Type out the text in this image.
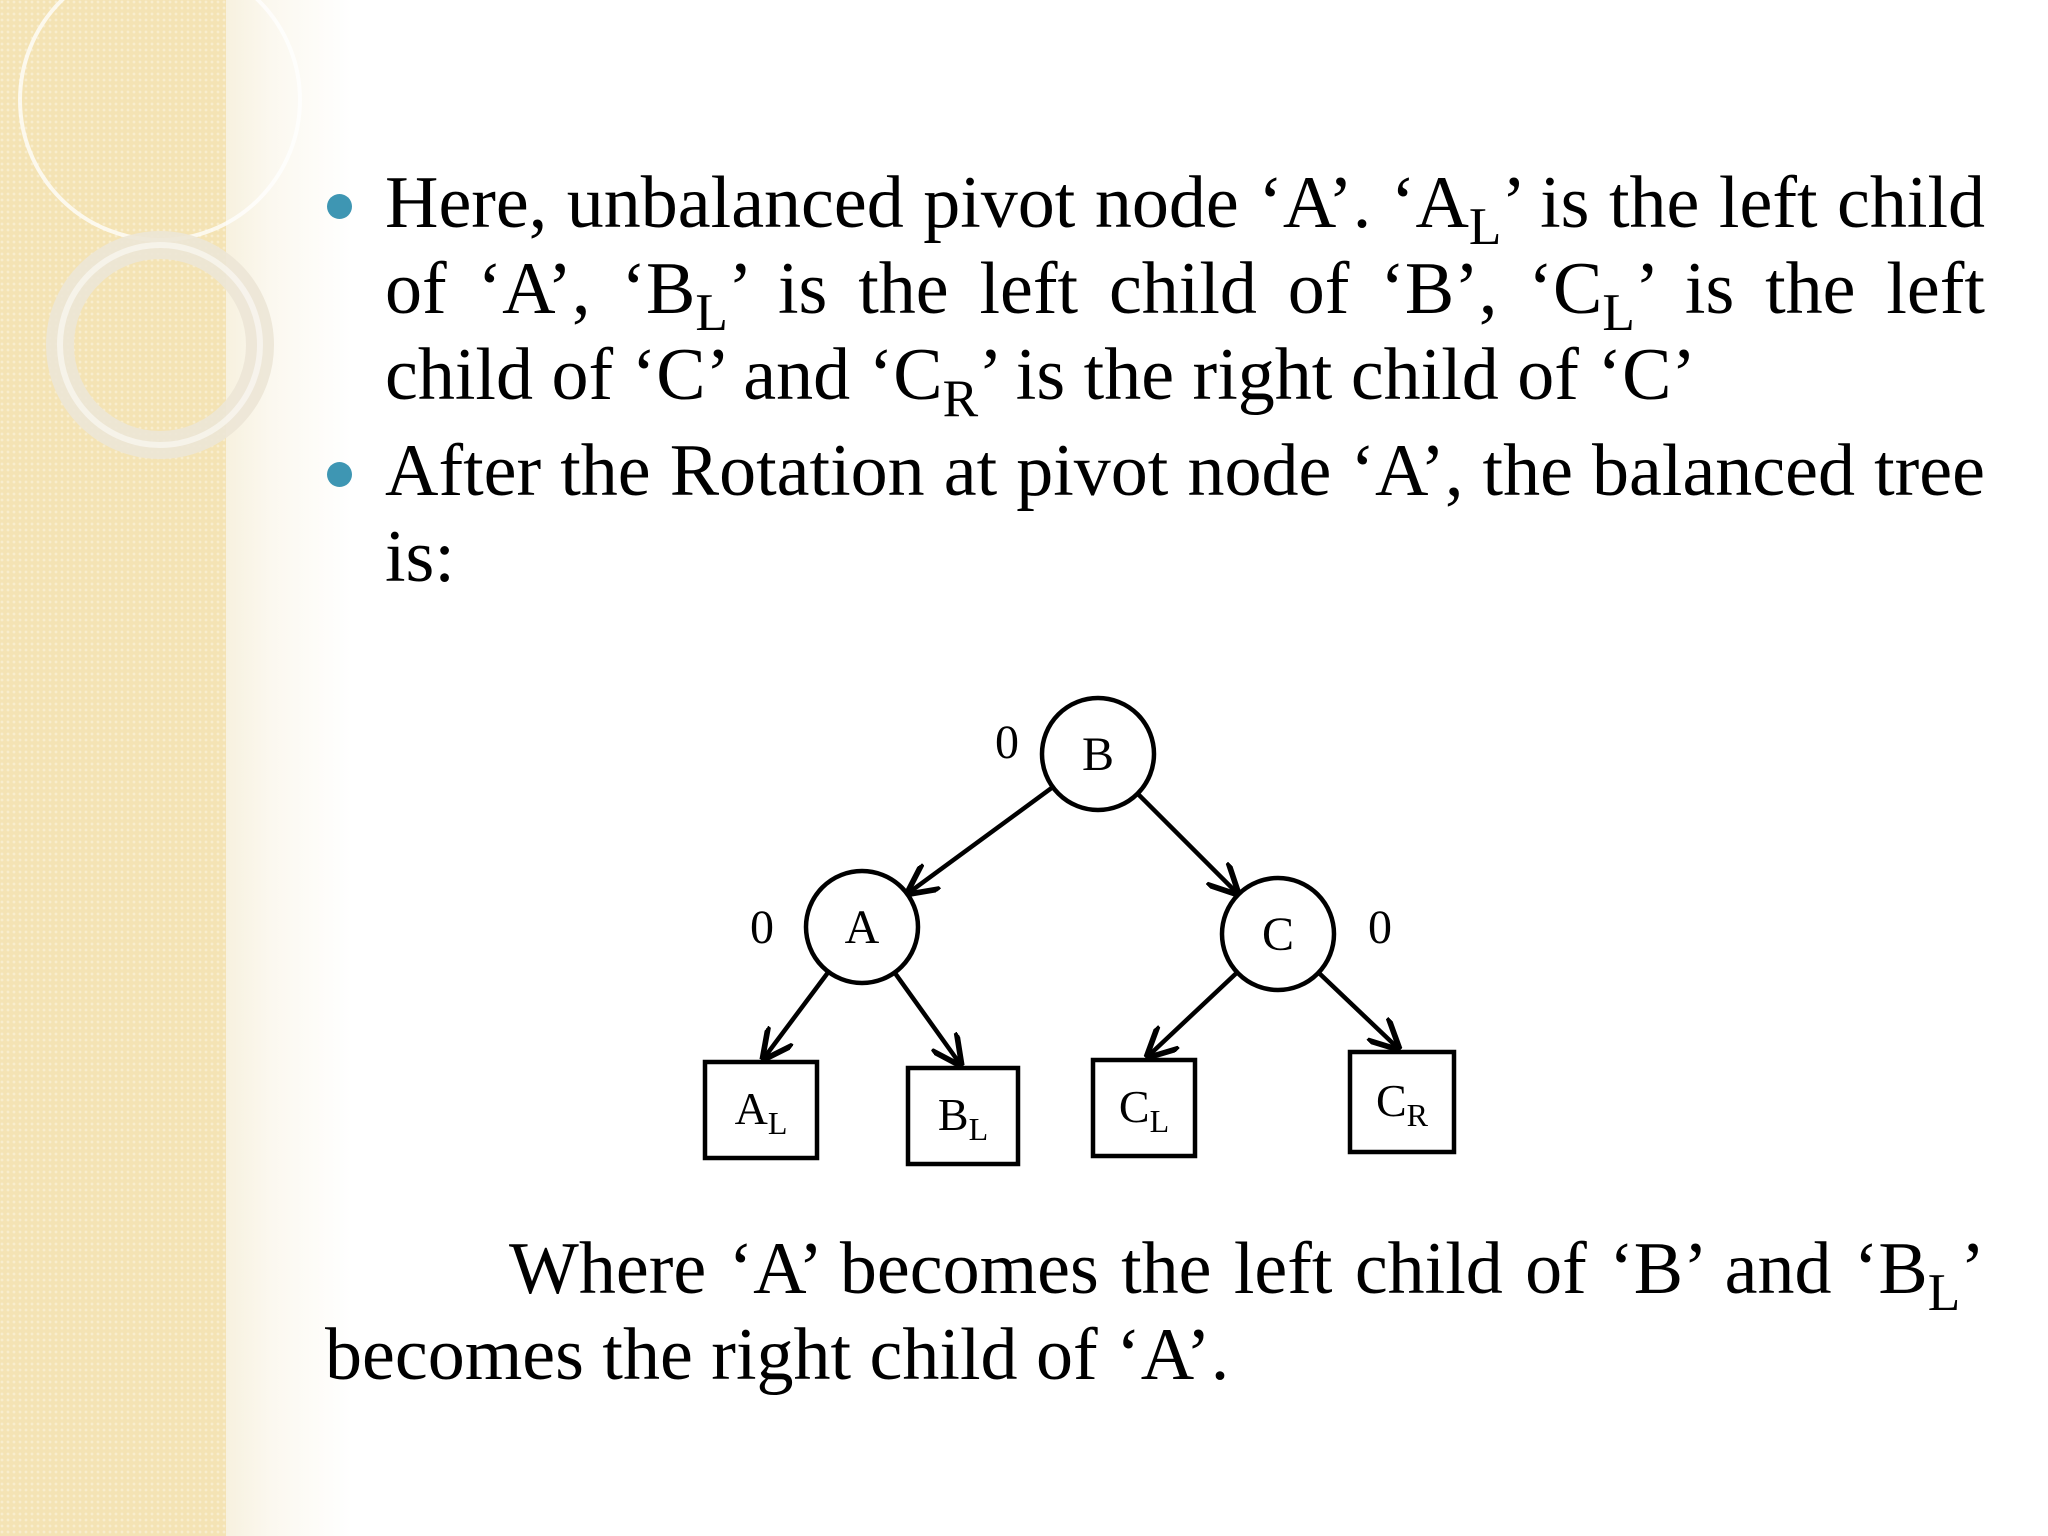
Here, unbalanced pivot node ‘A’. ‘$A_L$’ is the left child of ‘A’, ‘$B_L$’ is the left child of ‘B’, ‘$C_L$’ is the left child of ‘C’ and ‘$C_R$’ is the right child of ‘C’
After the Rotation at pivot node ‘A’, the balanced tree is:
B
0
A
0	C 0
$A_L$	$B_L$	$C_L$	$C_R$

Where ‘A’ becomes the left child of ‘B’ and ‘$B_L$’ becomes the right child of ‘A’.
